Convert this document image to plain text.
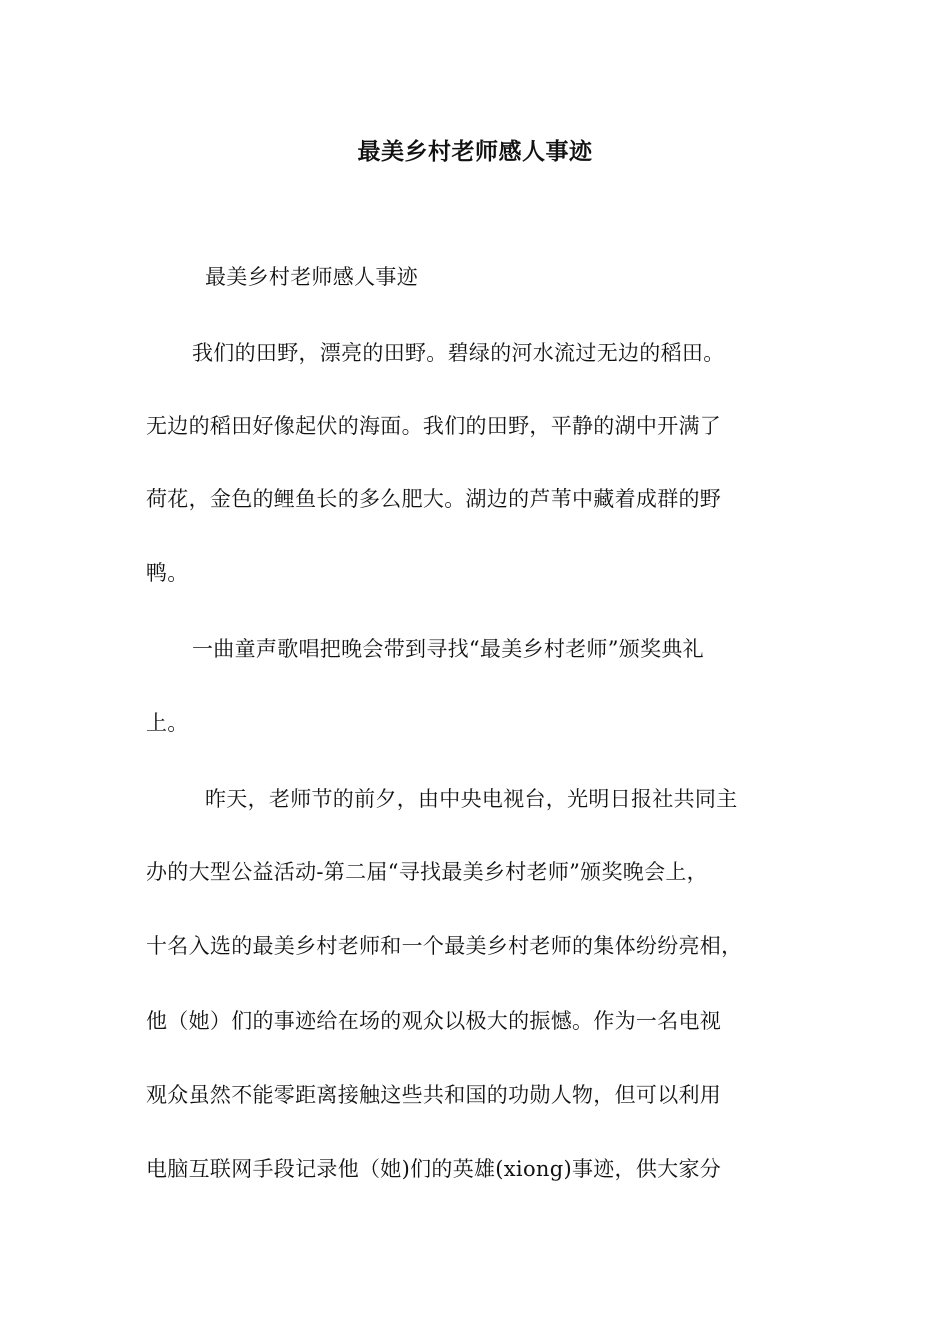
最美乡村老师感人事迹
最美乡村老师感人事迹
我们的田野，漂亮的田野。碧绿的河水流过无边的稻田。
无边的稻田好像起伏的海面。我们的田野，平静的湖中开满了
荷花，金色的鲤鱼长的多么肥大。湖边的芦苇中藏着成群的野
鸭。
一曲童声歌唱把晚会带到寻找“最美乡村老师”颁奖典礼
上。
昨天，老师节的前夕，由中央电视台，光明日报社共同主
办的大型公益活动-第二届“寻找最美乡村老师”颁奖晚会上，
十名入选的最美乡村老师和一个最美乡村老师的集体纷纷亮相，
他（她）们的事迹给在场的观众以极大的振憾。作为一名电视
观众虽然不能零距离接触这些共和国的功勋人物，但可以利用
电脑互联网手段记录他（她)们的英雄(xiong)事迹，供大家分
